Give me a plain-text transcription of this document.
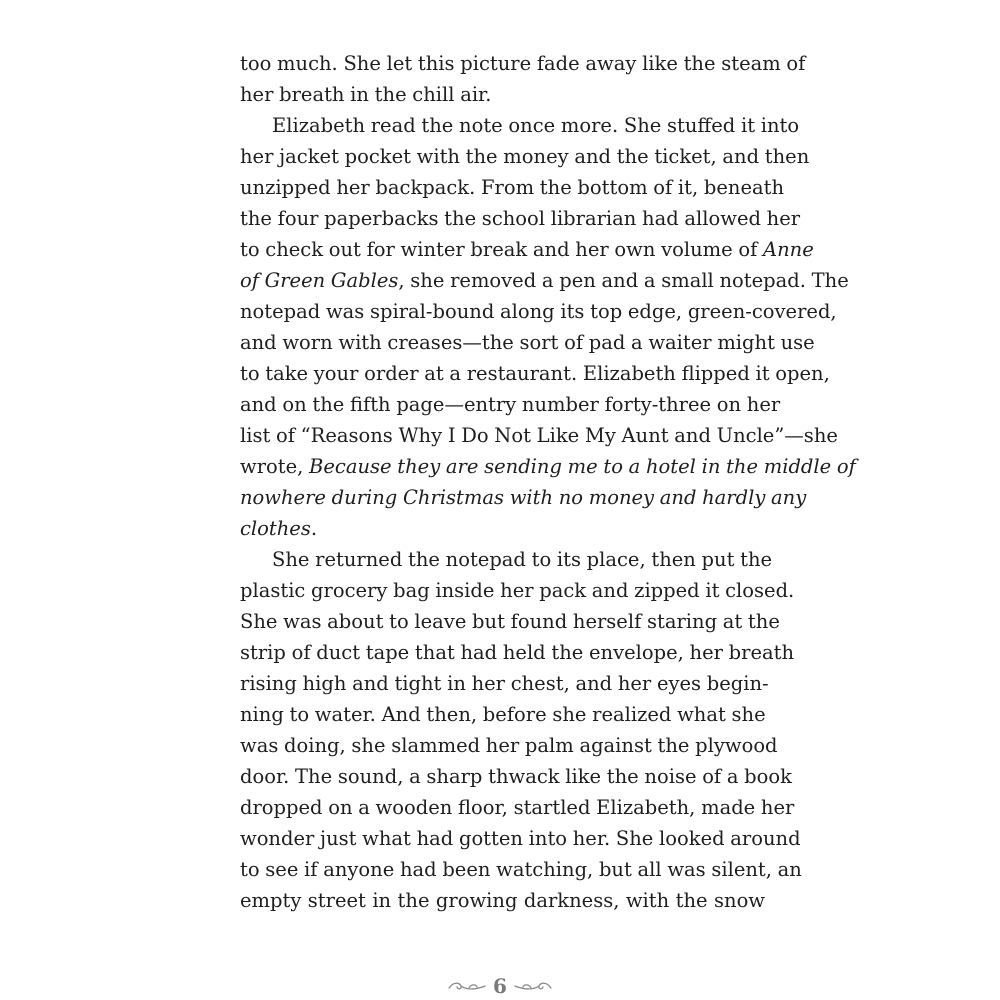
too much. She let this picture fade away like the steam of
her breath in the chill air.
Elizabeth read the note once more. She stuffed it into
her jacket pocket with the money and the ticket, and then
unzipped her backpack. From the bottom of it, beneath
the four paperbacks the school librarian had allowed her
to check out for winter break and her own volume of Anne
of Green Gables, she removed a pen and a small notepad. The
notepad was spiral-bound along its top edge, green-covered,
and worn with creases—the sort of pad a waiter might use
to take your order at a restaurant. Elizabeth flipped it open,
and on the fifth page—entry number forty-three on her
list of “Reasons Why I Do Not Like My Aunt and Uncle”—she
wrote, Because they are sending me to a hotel in the middle of
nowhere during Christmas with no money and hardly any
clothes.
She returned the notepad to its place, then put the
plastic grocery bag inside her pack and zipped it closed.
She was about to leave but found herself staring at the
strip of duct tape that had held the envelope, her breath
rising high and tight in her chest, and her eyes begin-
ning to water. And then, before she realized what she
was doing, she slammed her palm against the plywood
door. The sound, a sharp thwack like the noise of a book
dropped on a wooden floor, startled Elizabeth, made her
wonder just what had gotten into her. She looked around
to see if anyone had been watching, but all was silent, an
empty street in the growing darkness, with the snow
6
